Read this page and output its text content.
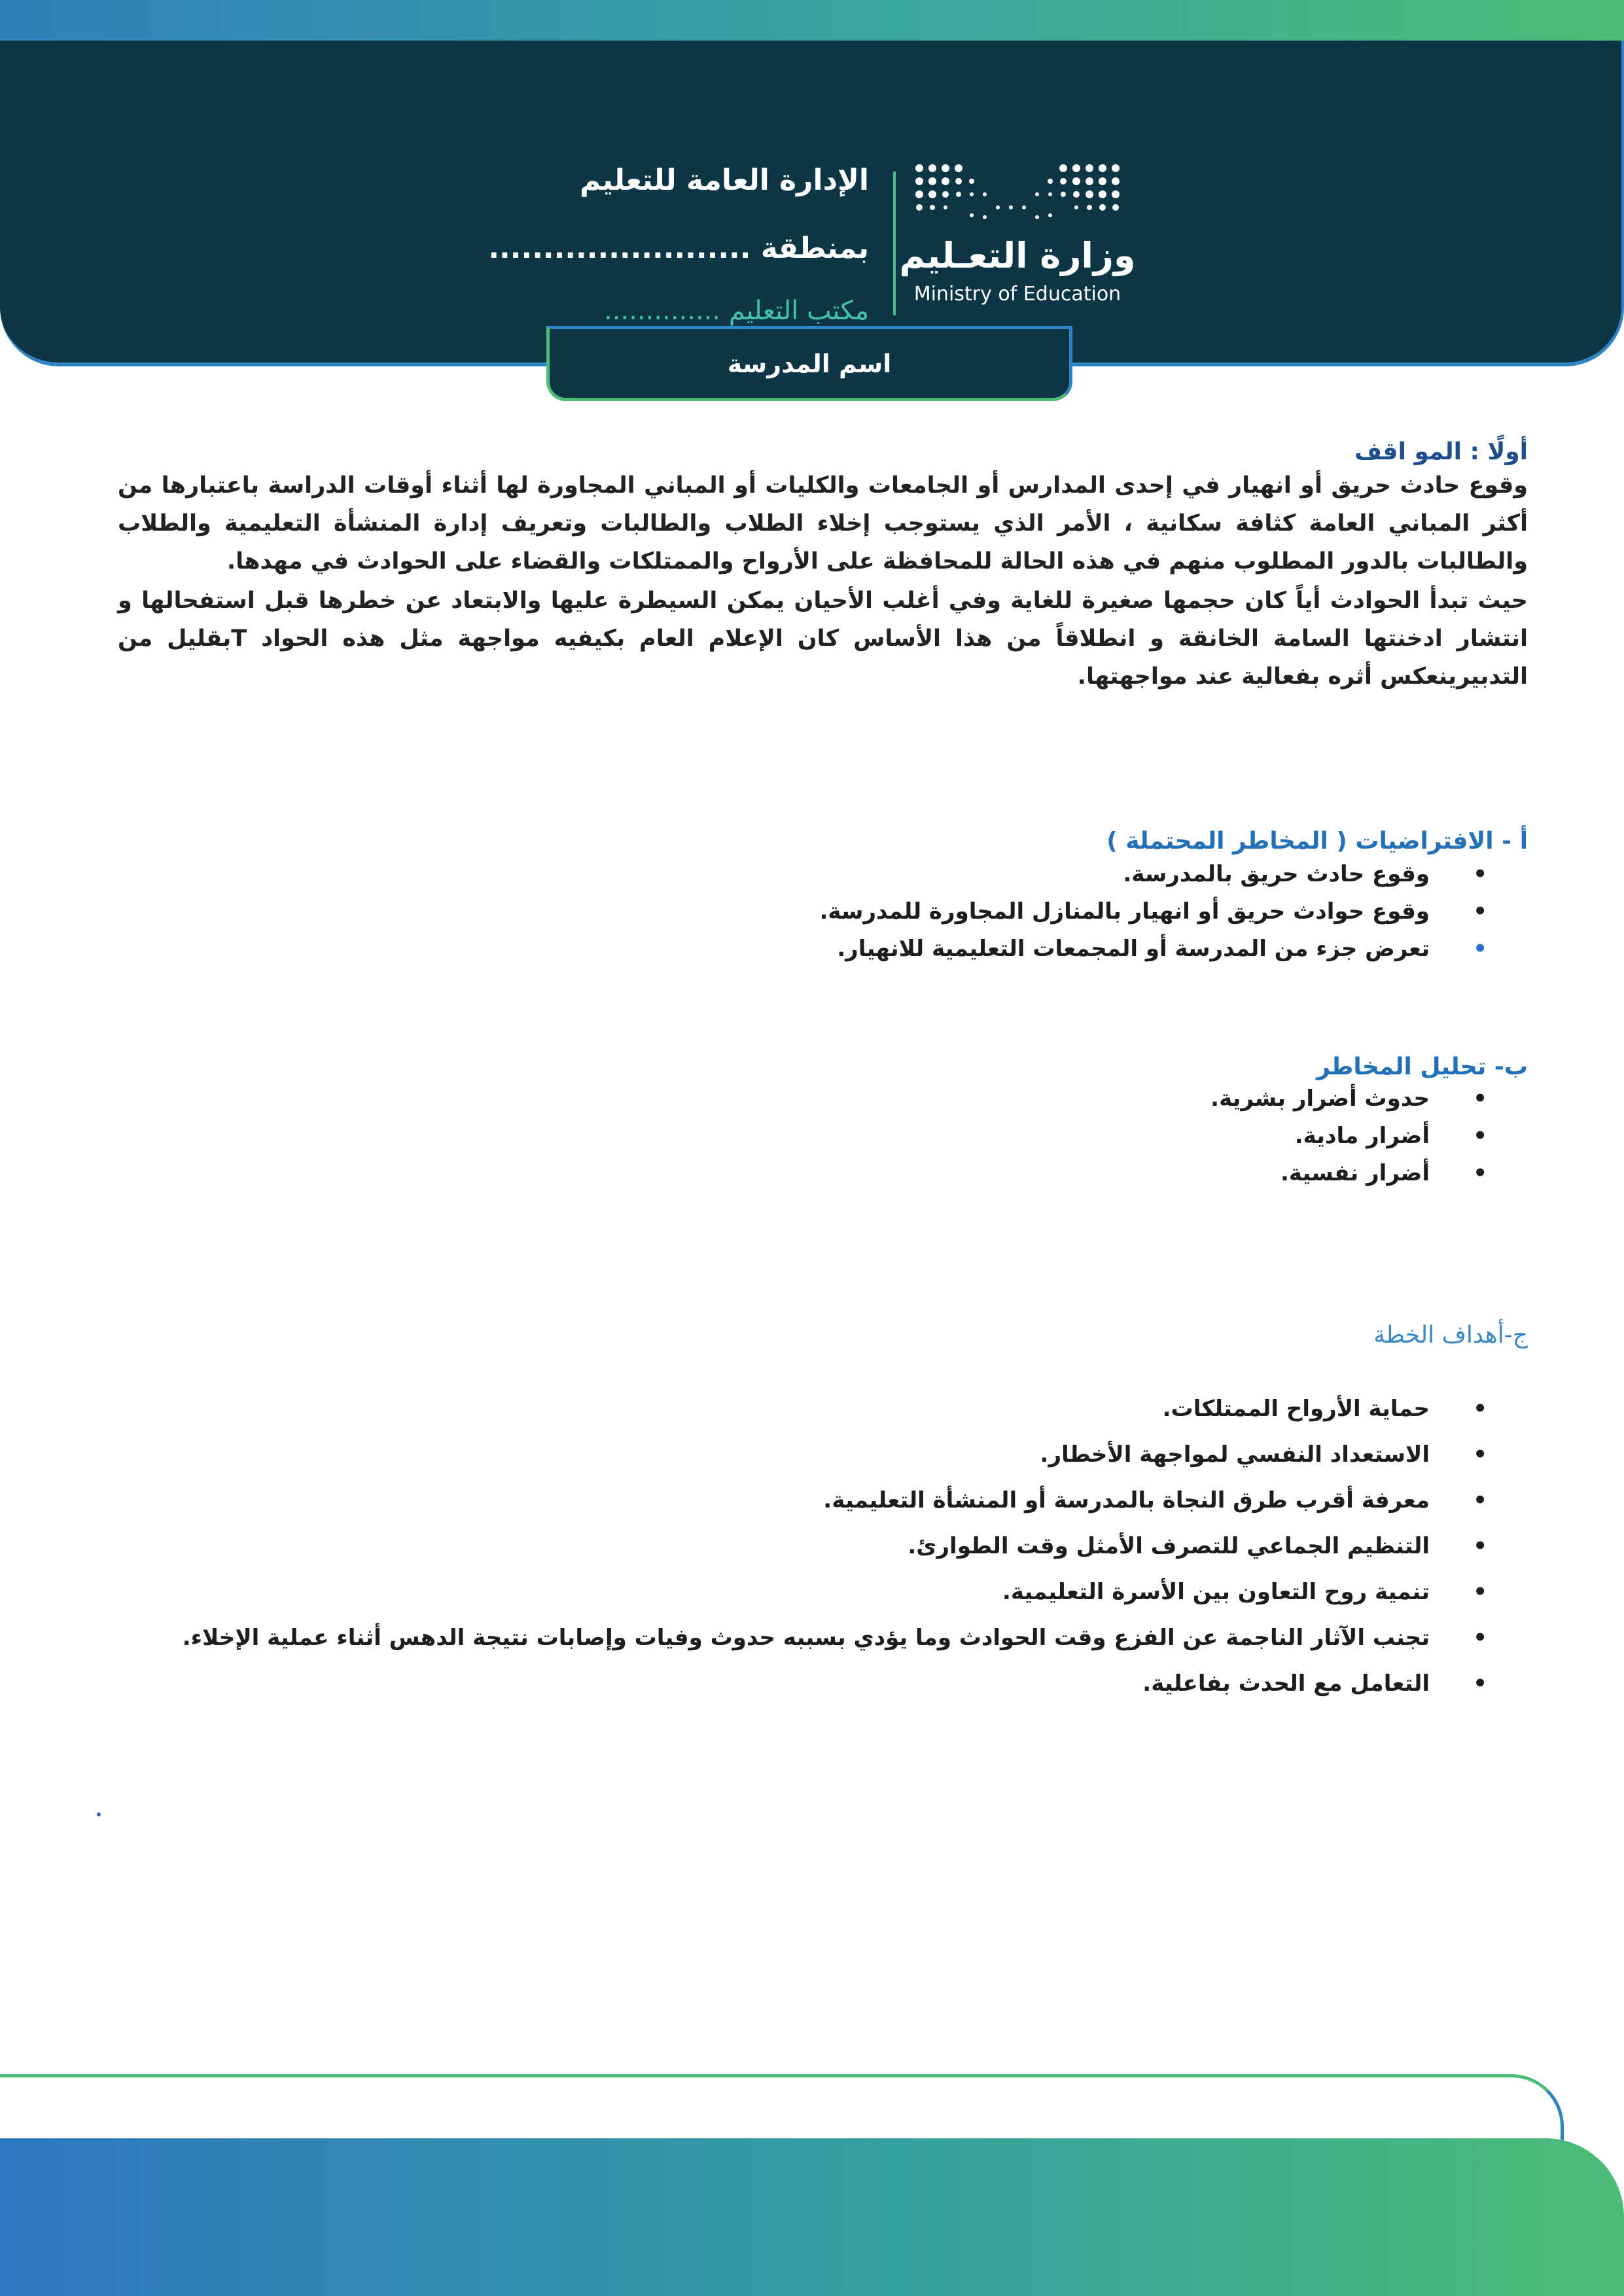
وزارة التعـليم
Ministry of Education
الإدارة العامة للتعليم
بمنطقة ........................
مكتب التعليم ..............
اسم المدرسة

أولًا : المو اقف

وقوع حادث حريق أو انهيار في إحدى المدارس أو الجامعات والكليات أو المباني المجاورة لها أثناء أوقات الدراسة باعتبارها من أكثر المباني العامة كثافة سكانية ، الأمر الذي يستوجب إخلاء الطلاب والطالبات وتعريف إدارة المنشأة التعليمية والطلاب والطالبات بالدور المطلوب منهم في هذه الحالة للمحافظة على الأرواح والممتلكات والقضاء على الحوادث في مهدها.

حيث تبدأ الحوادث أياً كان حجمها صغيرة للغاية وفي أغلب الأحيان يمكن السيطرة عليها والابتعاد عن خطرها قبل استفحالها و انتشار ادخنتها السامة الخانقة و انطلاقاً من هذا الأساس كان الإعلام العام بكيفيه مواجهة مثل هذه الحواد Tبقليل من التدبيرينعكس أثره بفعالية عند مواجهتها.

أ - الافتراضيات ( المخاطر المحتملة )

•
وقوع حادث حريق بالمدرسة.
•
وقوع حوادث حريق أو انهيار بالمنازل المجاورة للمدرسة.
•
تعرض جزء من المدرسة أو المجمعات التعليمية للانهيار.

ب- تحليل المخاطر

•
حدوث أضرار بشرية.
•
أضرار مادية.
•
أضرار نفسية.

ج-أهداف الخطة

•
حماية الأرواح الممتلكات.
•
الاستعداد النفسي لمواجهة الأخطار.
•
معرفة أقرب طرق النجاة بالمدرسة أو المنشأة التعليمية.
•
التنظيم الجماعي للتصرف الأمثل وقت الطوارئ.
•
تنمية روح التعاون بين الأسرة التعليمية.
•
تجنب الآثار الناجمة عن الفزع وقت الحوادث وما يؤدي بسببه حدوث وفيات وإصابات نتيجة الدهس أثناء عملية الإخلاء.
•
التعامل مع الحدث بفاعلية.
